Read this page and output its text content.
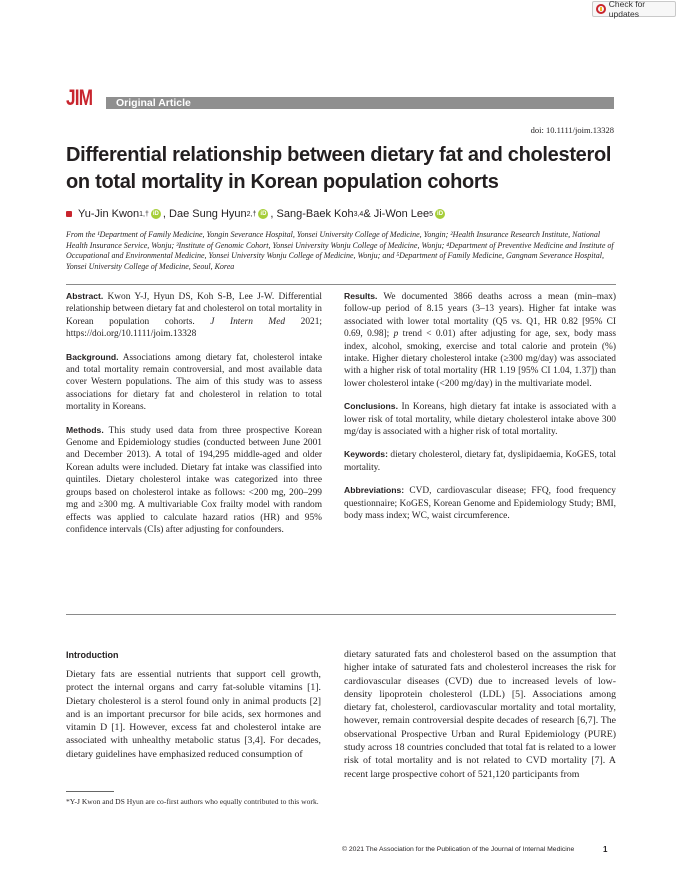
Check for updates
JIM Original Article
doi: 10.1111/joim.13328
Differential relationship between dietary fat and cholesterol on total mortality in Korean population cohorts
Yu-Jin Kwon 1,† iD , Dae Sung Hyun 2,† iD , Sang-Baek Koh 3,4 & Ji-Won Lee 5 iD
From the ¹Department of Family Medicine, Yongin Severance Hospital, Yonsei University College of Medicine, Yongin; ²Health Insurance Research Institute, National Health Insurance Service, Wonju; ³Institute of Genomic Cohort, Yonsei University Wonju College of Medicine, Wonju; ⁴Department of Preventive Medicine and Institute of Occupational and Environmental Medicine, Yonsei University Wonju College of Medicine, Wonju; and ⁵Department of Family Medicine, Gangnam Severance Hospital, Yonsei University College of Medicine, Seoul, Korea

Abstract. Kwon Y-J, Hyun DS, Koh S-B, Lee J-W. Differential relationship between dietary fat and cholesterol on total mortality in Korean population cohorts. J Intern Med 2021; https://doi.org/10.1111/joim.13328

Background. Associations among dietary fat, cholesterol intake and total mortality remain controversial, and most available data cover Western populations. The aim of this study was to assess associations for dietary fat and cholesterol in relation to total mortality in Koreans.

Methods. This study used data from three prospective Korean Genome and Epidemiology studies (conducted between June 2001 and December 2013). A total of 194,295 middle-aged and older Korean adults were included. Dietary fat intake was classified into quintiles. Dietary cholesterol intake was categorized into three groups based on cholesterol intake as follows: <200 mg, 200–299 mg and ≥300 mg. A multivariable Cox frailty model with random effects was applied to calculate hazard ratios (HR) and 95% confidence intervals (CIs) after adjusting for confounders.

Results. We documented 3866 deaths across a mean (min–max) follow-up period of 8.15 years (3–13 years). Higher fat intake was associated with lower total mortality (Q5 vs. Q1, HR 0.82 [95% CI 0.69, 0.98]; p trend < 0.01) after adjusting for age, sex, body mass index, alcohol, smoking, exercise and total calorie and protein (%) intake. Higher dietary cholesterol intake (≥300 mg/day) was associated with a higher risk of total mortality (HR 1.19 [95% CI 1.04, 1.37]) than lower cholesterol intake (<200 mg/day) in the multivariate model.

Conclusions. In Koreans, high dietary fat intake is associated with a lower risk of total mortality, while dietary cholesterol intake above 300 mg/day is associated with a higher risk of total mortality.

Keywords: dietary cholesterol, dietary fat, dyslipidaemia, KoGES, total mortality.

Abbreviations: CVD, cardiovascular disease; FFQ, food frequency questionnaire; KoGES, Korean Genome and Epidemiology Study; BMI, body mass index; WC, waist circumference.

Introduction

Dietary fats are essential nutrients that support cell growth, protect the internal organs and carry fat-soluble vitamins [1]. Dietary cholesterol is a sterol found only in animal products [2] and is an important precursor for bile acids, sex hormones and vitamin D [1]. However, excess fat and cholesterol intake are associated with unhealthy metabolic status [3,4]. For decades, dietary guidelines have emphasized reduced consumption of

dietary saturated fats and cholesterol based on the assumption that higher intake of saturated fats and cholesterol increases the risk for cardiovascular diseases (CVD) due to increased levels of low-density lipoprotein cholesterol (LDL) [5]. Associations among dietary fat, cholesterol, cardiovascular mortality and total mortality, however, remain controversial despite decades of research [6,7]. The observational Prospective Urban and Rural Epidemiology (PURE) study across 18 countries concluded that total fat is related to a lower risk of total mortality and is not related to CVD mortality [7]. A recent large prospective cohort of 521,120 participants from

*Y-J Kwon and DS Hyun are co-first authors who equally contributed to this work.
© 2021 The Association for the Publication of the Journal of Internal Medicine	1
